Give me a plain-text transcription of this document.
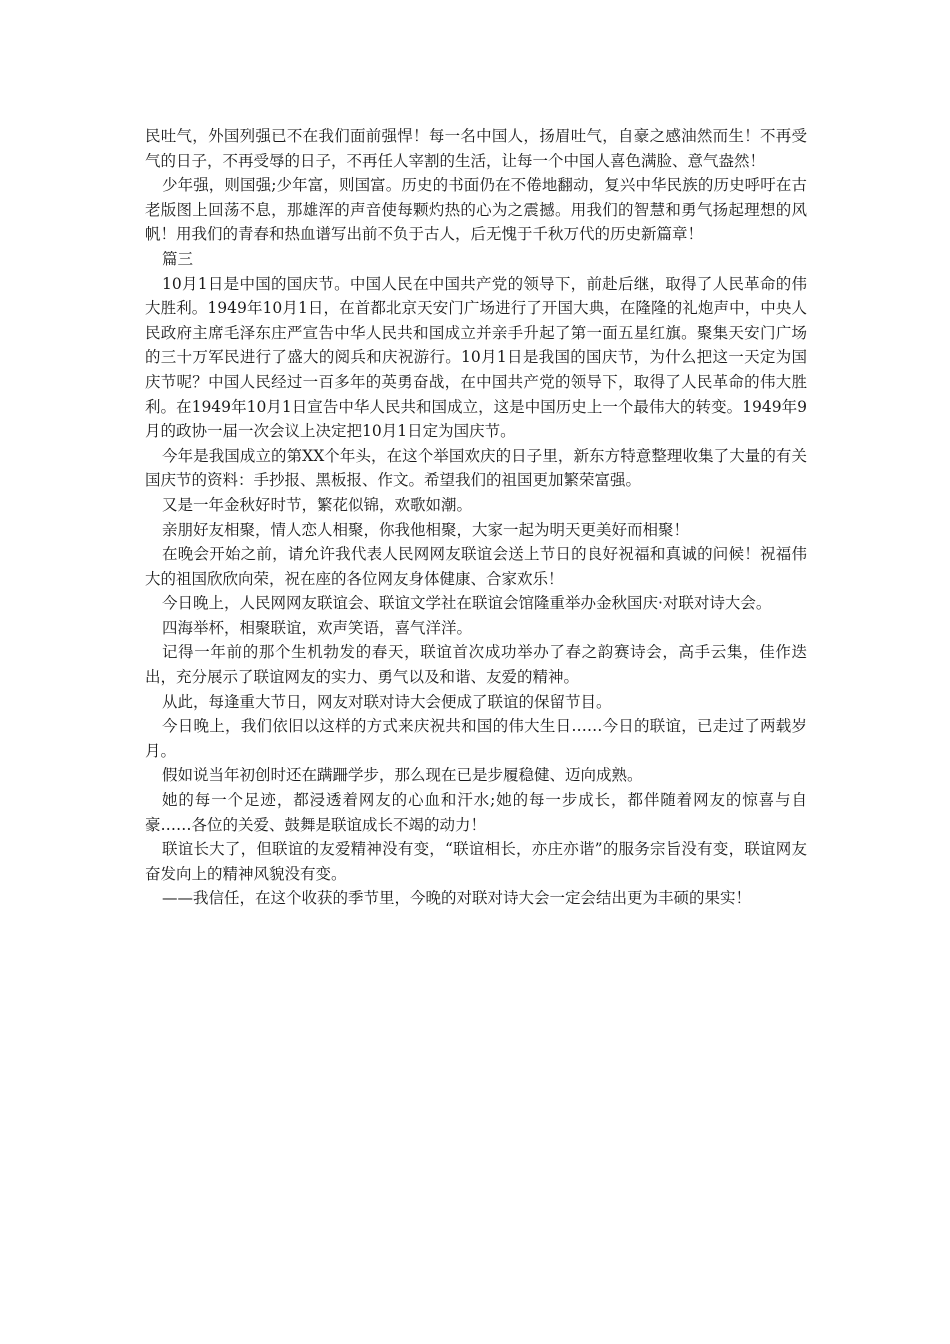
民吐气，外国列强已不在我们面前强悍！每一名中国人，扬眉吐气，自豪之感油然而生！不再受气的日子，不再受辱的日子，不再任人宰割的生活，让每一个中国人喜色满脸、意气盎然！

少年强，则国强;少年富，则国富。历史的书面仍在不倦地翻动，复兴中华民族的历史呼吁在古老版图上回荡不息，那雄浑的声音使每颗灼热的心为之震撼。用我们的智慧和勇气扬起理想的风帆！用我们的青春和热血谱写出前不负于古人，后无愧于千秋万代的历史新篇章！

篇三

10月1日是中国的国庆节。中国人民在中国共产党的领导下，前赴后继，取得了人民革命的伟大胜利。1949年10月1日，在首都北京天安门广场进行了开国大典，在隆隆的礼炮声中，中央人民政府主席毛泽东庄严宣告中华人民共和国成立并亲手升起了第一面五星红旗。聚集天安门广场的三十万军民进行了盛大的阅兵和庆祝游行。10月1日是我国的国庆节，为什么把这一天定为国庆节呢？中国人民经过一百多年的英勇奋战，在中国共产党的领导下，取得了人民革命的伟大胜利。在1949年10月1日宣告中华人民共和国成立，这是中国历史上一个最伟大的转变。1949年9月的政协一届一次会议上决定把10月1日定为国庆节。

今年是我国成立的第XX个年头，在这个举国欢庆的日子里，新东方特意整理收集了大量的有关国庆节的资料：手抄报、黑板报、作文。希望我们的祖国更加繁荣富强。

又是一年金秋好时节，繁花似锦，欢歌如潮。

亲朋好友相聚，情人恋人相聚，你我他相聚，大家一起为明天更美好而相聚！

在晚会开始之前，请允许我代表人民网网友联谊会送上节日的良好祝福和真诚的问候！祝福伟大的祖国欣欣向荣，祝在座的各位网友身体健康、合家欢乐！

今日晚上，人民网网友联谊会、联谊文学社在联谊会馆隆重举办金秋国庆·对联对诗大会。

四海举杯，相聚联谊，欢声笑语，喜气洋洋。

记得一年前的那个生机勃发的春天，联谊首次成功举办了春之韵赛诗会，高手云集，佳作迭出，充分展示了联谊网友的实力、勇气以及和谐、友爱的精神。

从此，每逢重大节日，网友对联对诗大会便成了联谊的保留节目。

今日晚上，我们依旧以这样的方式来庆祝共和国的伟大生日……今日的联谊，已走过了两载岁月。

假如说当年初创时还在蹒跚学步，那么现在已是步履稳健、迈向成熟。

她的每一个足迹，都浸透着网友的心血和汗水;她的每一步成长，都伴随着网友的惊喜与自豪……各位的关爱、鼓舞是联谊成长不竭的动力！

联谊长大了，但联谊的友爱精神没有变，“联谊相长，亦庄亦谐”的服务宗旨没有变，联谊网友奋发向上的精神风貌没有变。

——我信任，在这个收获的季节里，今晚的对联对诗大会一定会结出更为丰硕的果实！
